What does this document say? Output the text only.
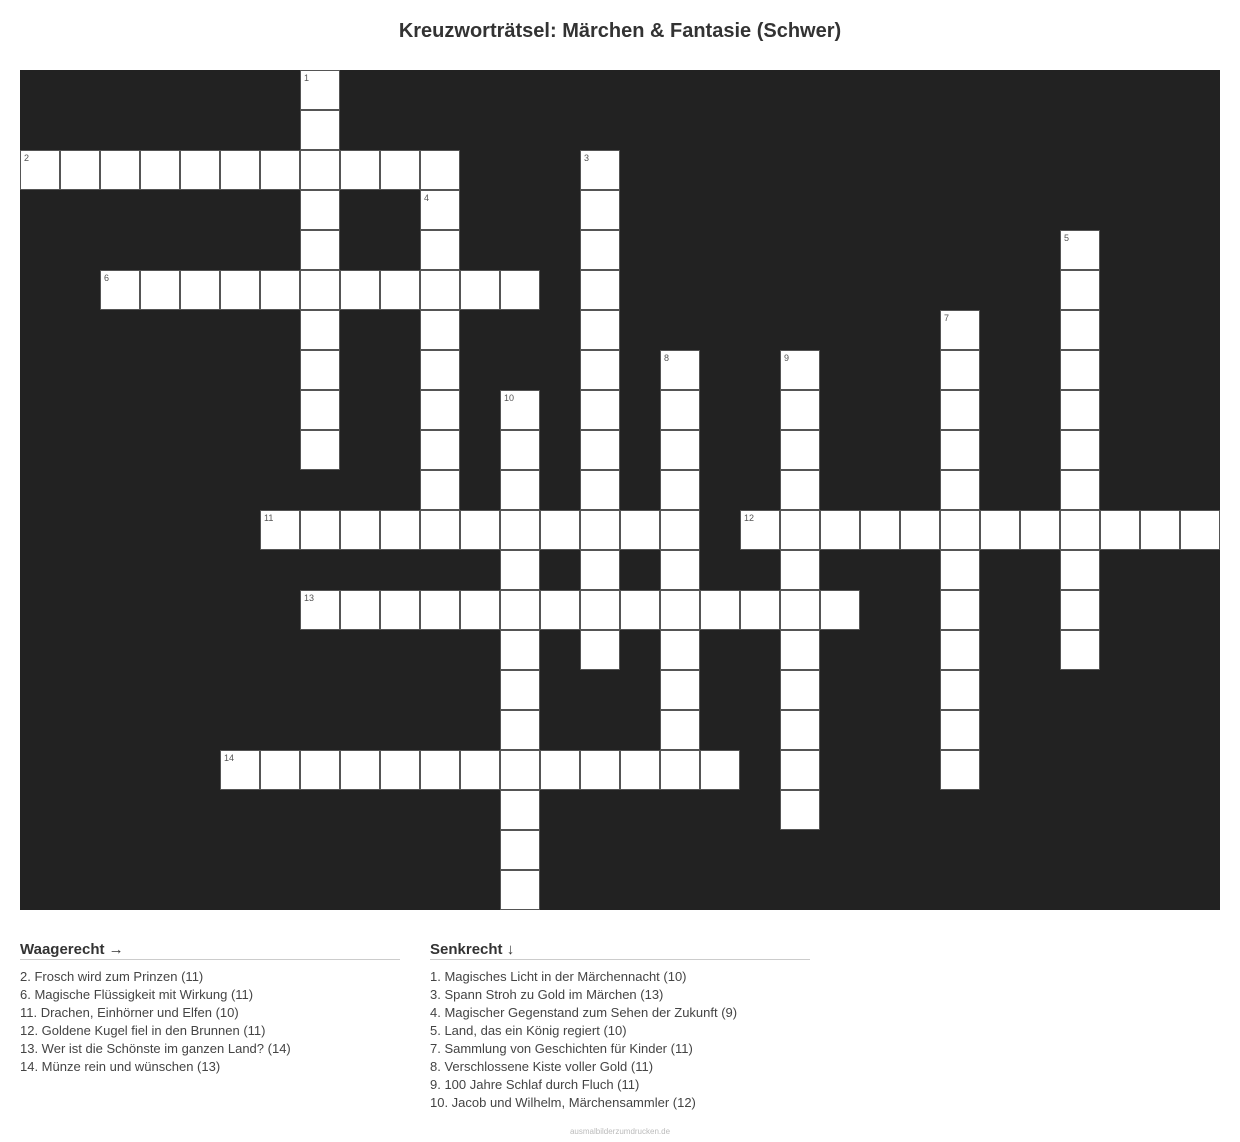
Kreuzworträtsel: Märchen & Fantasie (Schwer)
1
2	3
4
5
6
7
8	9
10
11	12
13
14
Waagerecht →
2. Frosch wird zum Prinzen (11)
6. Magische Flüssigkeit mit Wirkung (11)
11. Drachen, Einhörner und Elfen (10)
12. Goldene Kugel fiel in den Brunnen (11)
13. Wer ist die Schönste im ganzen Land? (14)
14. Münze rein und wünschen (13)
Senkrecht ↓
1. Magisches Licht in der Märchennacht (10)
3. Spann Stroh zu Gold im Märchen (13)
4. Magischer Gegenstand zum Sehen der Zukunft (9)
5. Land, das ein König regiert (10)
7. Sammlung von Geschichten für Kinder (11)
8. Verschlossene Kiste voller Gold (11)
9. 100 Jahre Schlaf durch Fluch (11)
10. Jacob und Wilhelm, Märchensammler (12)
ausmalbilderzumdrucken.de
